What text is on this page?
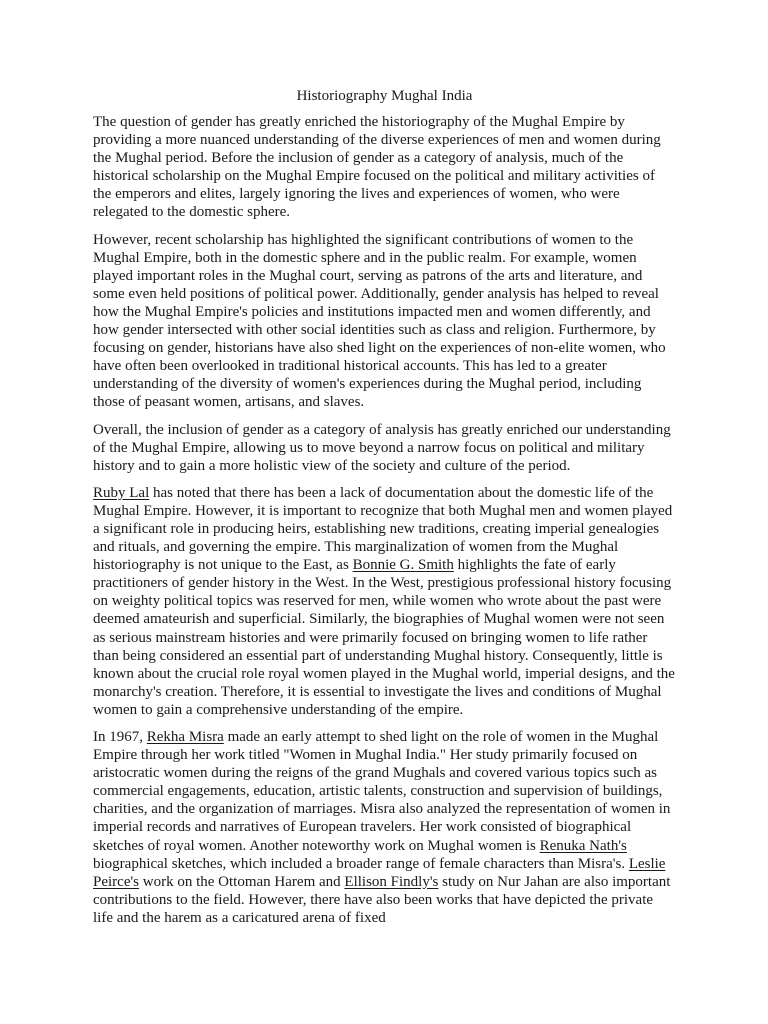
Historiography Mughal India

The question of gender has greatly enriched the historiography of the Mughal Empire by providing a more nuanced understanding of the diverse experiences of men and women during the Mughal period. Before the inclusion of gender as a category of analysis, much of the historical scholarship on the Mughal Empire focused on the political and military activities of the emperors and elites, largely ignoring the lives and experiences of women, who were relegated to the domestic sphere.

However, recent scholarship has highlighted the significant contributions of women to the Mughal Empire, both in the domestic sphere and in the public realm. For example, women played important roles in the Mughal court, serving as patrons of the arts and literature, and some even held positions of political power. Additionally, gender analysis has helped to reveal how the Mughal Empire's policies and institutions impacted men and women differently, and how gender intersected with other social identities such as class and religion. Furthermore, by focusing on gender, historians have also shed light on the experiences of non-elite women, who have often been overlooked in traditional historical accounts. This has led to a greater understanding of the diversity of women's experiences during the Mughal period, including those of peasant women, artisans, and slaves.

Overall, the inclusion of gender as a category of analysis has greatly enriched our understanding of the Mughal Empire, allowing us to move beyond a narrow focus on political and military history and to gain a more holistic view of the society and culture of the period.

Ruby Lal has noted that there has been a lack of documentation about the domestic life of the Mughal Empire. However, it is important to recognize that both Mughal men and women played a significant role in producing heirs, establishing new traditions, creating imperial genealogies and rituals, and governing the empire. This marginalization of women from the Mughal historiography is not unique to the East, as Bonnie G. Smith highlights the fate of early practitioners of gender history in the West. In the West, prestigious professional history focusing on weighty political topics was reserved for men, while women who wrote about the past were deemed amateurish and superficial. Similarly, the biographies of Mughal women were not seen as serious mainstream histories and were primarily focused on bringing women to life rather than being considered an essential part of understanding Mughal history. Consequently, little is known about the crucial role royal women played in the Mughal world, imperial designs, and the monarchy's creation. Therefore, it is essential to investigate the lives and conditions of Mughal women to gain a comprehensive understanding of the empire.

In 1967, Rekha Misra made an early attempt to shed light on the role of women in the Mughal Empire through her work titled "Women in Mughal India." Her study primarily focused on aristocratic women during the reigns of the grand Mughals and covered various topics such as commercial engagements, education, artistic talents, construction and supervision of buildings, charities, and the organization of marriages. Misra also analyzed the representation of women in imperial records and narratives of European travelers. Her work consisted of biographical sketches of royal women. Another noteworthy work on Mughal women is Renuka Nath's biographical sketches, which included a broader range of female characters than Misra's. Leslie Peirce's work on the Ottoman Harem and Ellison Findly's study on Nur Jahan are also important contributions to the field. However, there have also been works that have depicted the private life and the harem as a caricatured arena of fixed
